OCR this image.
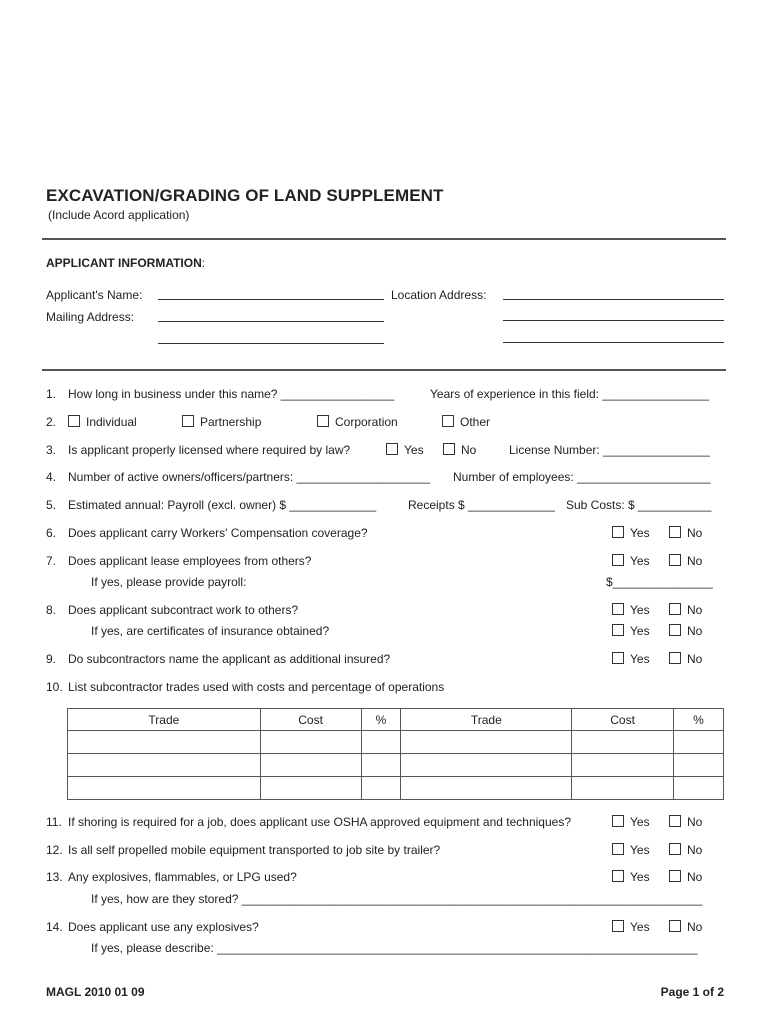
EXCAVATION/GRADING OF LAND SUPPLEMENT
(Include Acord application)
APPLICANT INFORMATION:
Applicant's Name:	Location Address:
Mailing Address:
1. How long in business under this name? _________________	Years of experience in this field: ________________
2.	Individual	Partnership	Corporation	Other
3. Is applicant properly licensed where required by law?	Yes	No	License Number: ________________
4. Number of active owners/officers/partners: ____________________ Number of employees: ____________________
5. Estimated annual: Payroll (excl. owner) $ _____________	Receipts $ _____________ Sub Costs: $ ___________
6. Does applicant carry Workers' Compensation coverage?	Yes	No
7. Does applicant lease employees from others?	Yes	No
If yes, please provide payroll:	$_______________
8. Does applicant subcontract work to others?	Yes	No
If yes, are certificates of insurance obtained?	Yes	No
9. Do subcontractors name the applicant as additional insured?	Yes	No
10. List subcontractor trades used with costs and percentage of operations
Trade	Cost	%	Trade	Cost	%

11. If shoring is required for a job, does applicant use OSHA approved equipment and techniques?	Yes	No
12. Is all self propelled mobile equipment transported to job site by trailer?	Yes	No
13. Any explosives, flammables, or LPG used?	Yes	No
If yes, how are they stored? _____________________________________________________________________
14. Does applicant use any explosives?	Yes	No
If yes, please describe: ________________________________________________________________________
MAGL 2010 01 09	Page 1 of 2
